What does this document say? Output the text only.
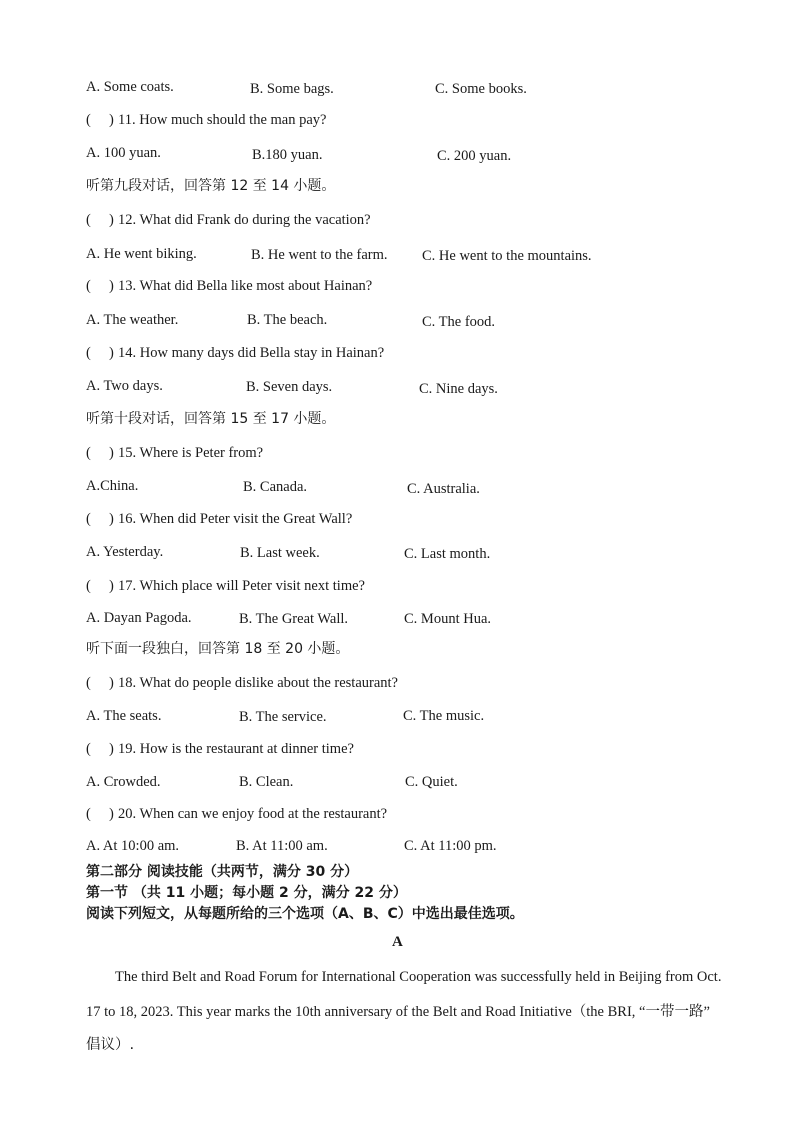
A. Some coats.	B. Some bags.	C. Some books.
( ) 11. How much should the man pay?
A. 100 yuan.	B.180 yuan.	C. 200 yuan.
听第九段对话，回答第 12 至 14 小题。
( ) 12. What did Frank do during the vacation?
A. He went biking.	B. He went to the farm. C. He went to the mountains.
( ) 13. What did Bella like most about Hainan?
A. The weather.	B. The beach.	C. The food.
( ) 14. How many days did Bella stay in Hainan?
A. Two days.	B. Seven days.	C. Nine days.
听第十段对话，回答第 15 至 17 小题。
( ) 15. Where is Peter from?
A.China.	B. Canada.	C. Australia.
( ) 16. When did Peter visit the Great Wall?
A. Yesterday.	B. Last week.	C. Last month.
( ) 17. Which place will Peter visit next time?
A. Dayan Pagoda.	B. The Great Wall.	C. Mount Hua.
听下面一段独白，回答第 18 至 20 小题。
( ) 18. What do people dislike about the restaurant?
A. The seats.	B. The service.	C. The music.
( ) 19. How is the restaurant at dinner time?
A. Crowded.	B. Clean.	C. Quiet.
( ) 20. When can we enjoy food at the restaurant?
A. At 10:00 am.	B. At 11:00 am.	C. At 11:00 pm.
第二部分 阅读技能（共两节，满分 30 分）
第一节 （共 11 小题；每小题 2 分，满分 22 分）
阅读下列短文，从每题所给的三个选项（A、B、C）中选出最佳选项。
A
The third Belt and Road Forum for International Cooperation was successfully held in Beijing from Oct.
17 to 18, 2023. This year marks the 10th anniversary of the Belt and Road Initiative（the BRI, “一带一路”
倡议）.
